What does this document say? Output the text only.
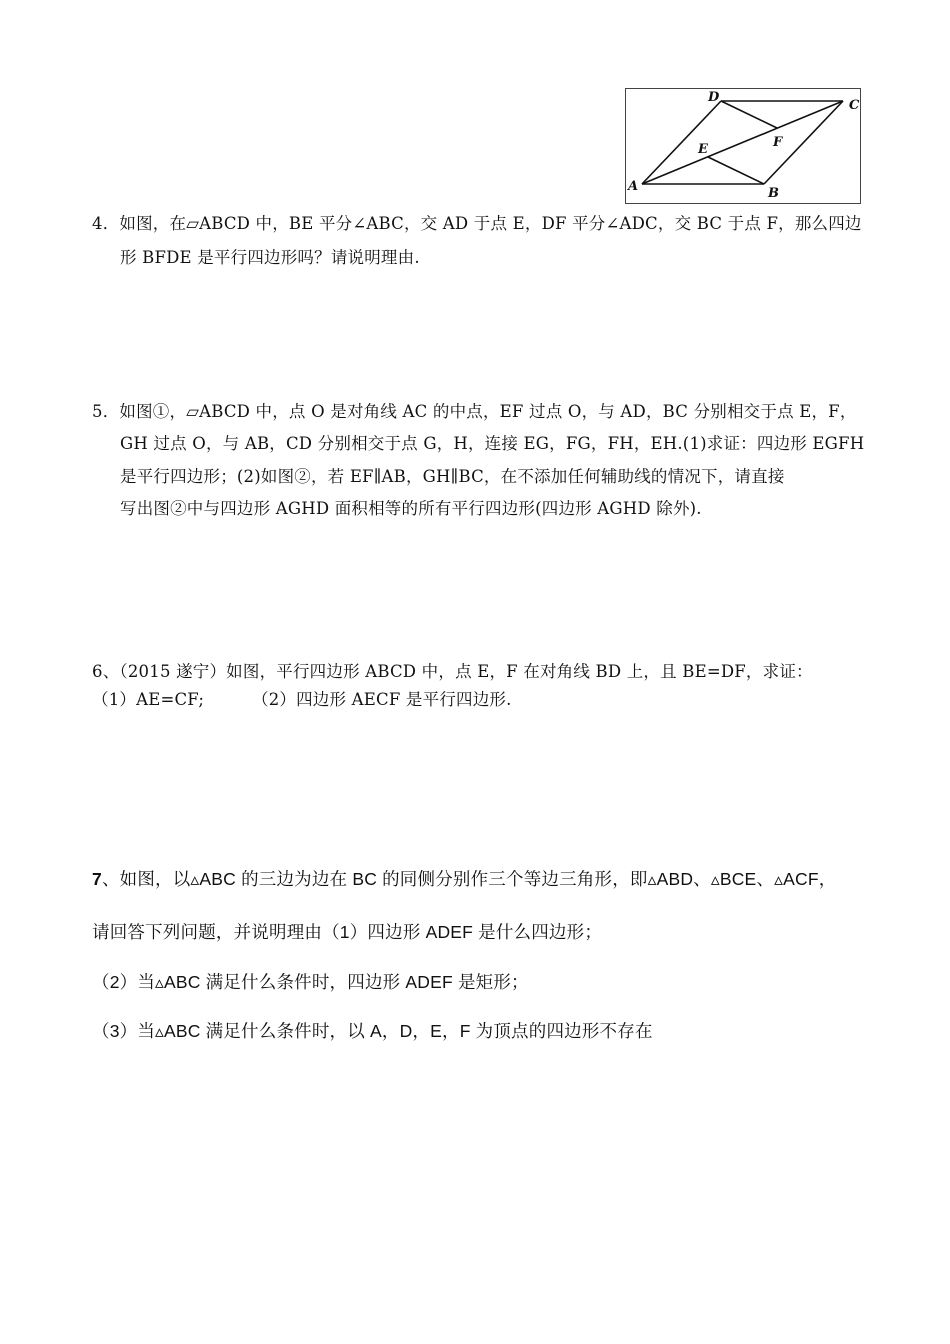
A	B
C
D
E	F
4．如图，在▱ABCD 中，BE 平分∠ABC，交 AD 于点 E，DF 平分∠ADC，交 BC 于点 F，那么四边
形 BFDE 是平行四边形吗？请说明理由.
5．如图①，▱ABCD 中，点 O 是对角线 AC 的中点，EF 过点 O，与 AD，BC 分别相交于点 E，F，
GH 过点 O，与 AB，CD 分别相交于点 G，H，连接 EG，FG，FH，EH.(1)求证：四边形 EGFH
是平行四边形；(2)如图②，若 EF∥AB，GH∥BC，在不添加任何辅助线的情况下，请直接
写出图②中与四边形 AGHD 面积相等的所有平行四边形(四边形 AGHD 除外).
6、（2015 遂宁）如图，平行四边形 ABCD 中，点 E，F 在对角线 BD 上，且 BE=DF，求证：
（1）AE=CF;	（2）四边形 AECF 是平行四边形.
7、如图，以▵ABC 的三边为边在 BC 的同侧分别作三个等边三角形，即▵ABD、▵BCE、▵ACF，
请回答下列问题，并说明理由（1）四边形 ADEF 是什么四边形；
（2）当▵ABC 满足什么条件时，四边形 ADEF 是矩形；
（3）当▵ABC 满足什么条件时，以 A，D，E，F 为顶点的四边形不存在
